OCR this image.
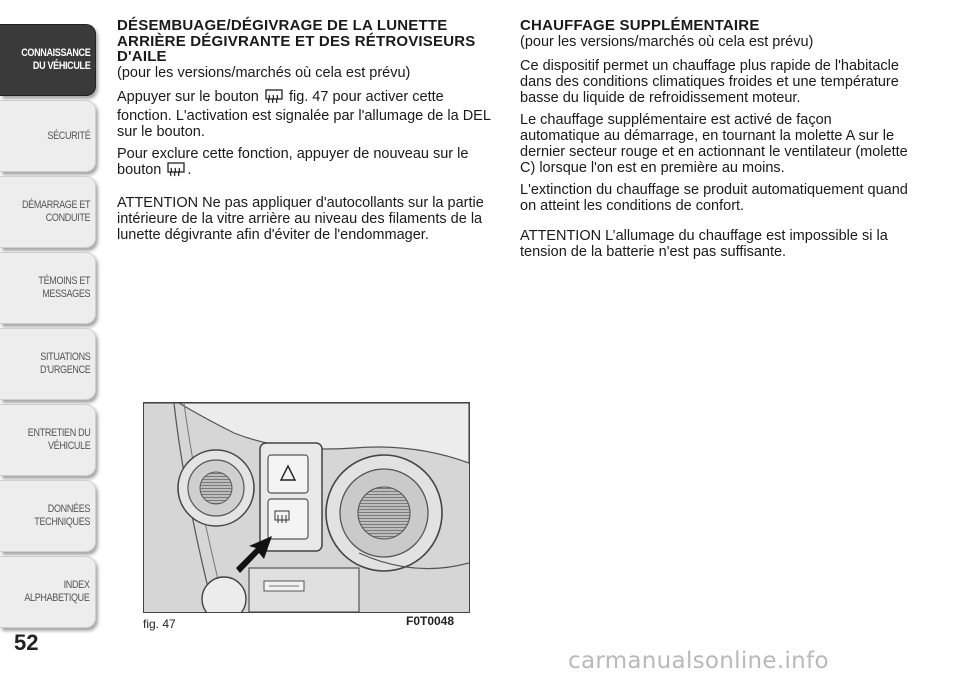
CONNAISSANCE
DU VÉHICULE
SÉCURITÉ
DÉMARRAGE ET
CONDUITE
TÉMOINS ET
MESSAGES
SITUATIONS
D'URGENCE
ENTRETIEN DU
VÉHICULE
DONNÉES
TECHNIQUES
INDEX
ALPHABETIQUE
52
DÉSEMBUAGE/DÉGIVRAGE DE LA LUNETTE ARRIÈRE DÉGIVRANTE ET DES RÉTROVISEURS D'AILE
(pour les versions/marchés où cela est prévu)

Appuyer sur le bouton fig. 47 pour activer cette fonction. L'activation est signalée par l'allumage de la DEL sur le bouton.

Pour exclure cette fonction, appuyer de nouveau sur le bouton .

ATTENTION Ne pas appliquer d'autocollants sur la partie intérieure de la vitre arrière au niveau des filaments de la lunette dégivrante afin d'éviter de l'endommager.

CHAUFFAGE SUPPLÉMENTAIRE
(pour les versions/marchés où cela est prévu)

Ce dispositif permet un chauffage plus rapide de l'habitacle dans des conditions climatiques froides et une température basse du liquide de refroidissement moteur.

Le chauffage supplémentaire est activé de façon automatique au démarrage, en tournant la molette A sur le dernier secteur rouge et en actionnant le ventilateur (molette C) lorsque l'on est en première au moins.

L'extinction du chauffage se produit automatiquement quand on atteint les conditions de confort.

ATTENTION L’allumage du chauffage est impossible si la tension de la batterie n'est pas suffisante.

fig. 47	F0T0048
carmanualsonline.info
